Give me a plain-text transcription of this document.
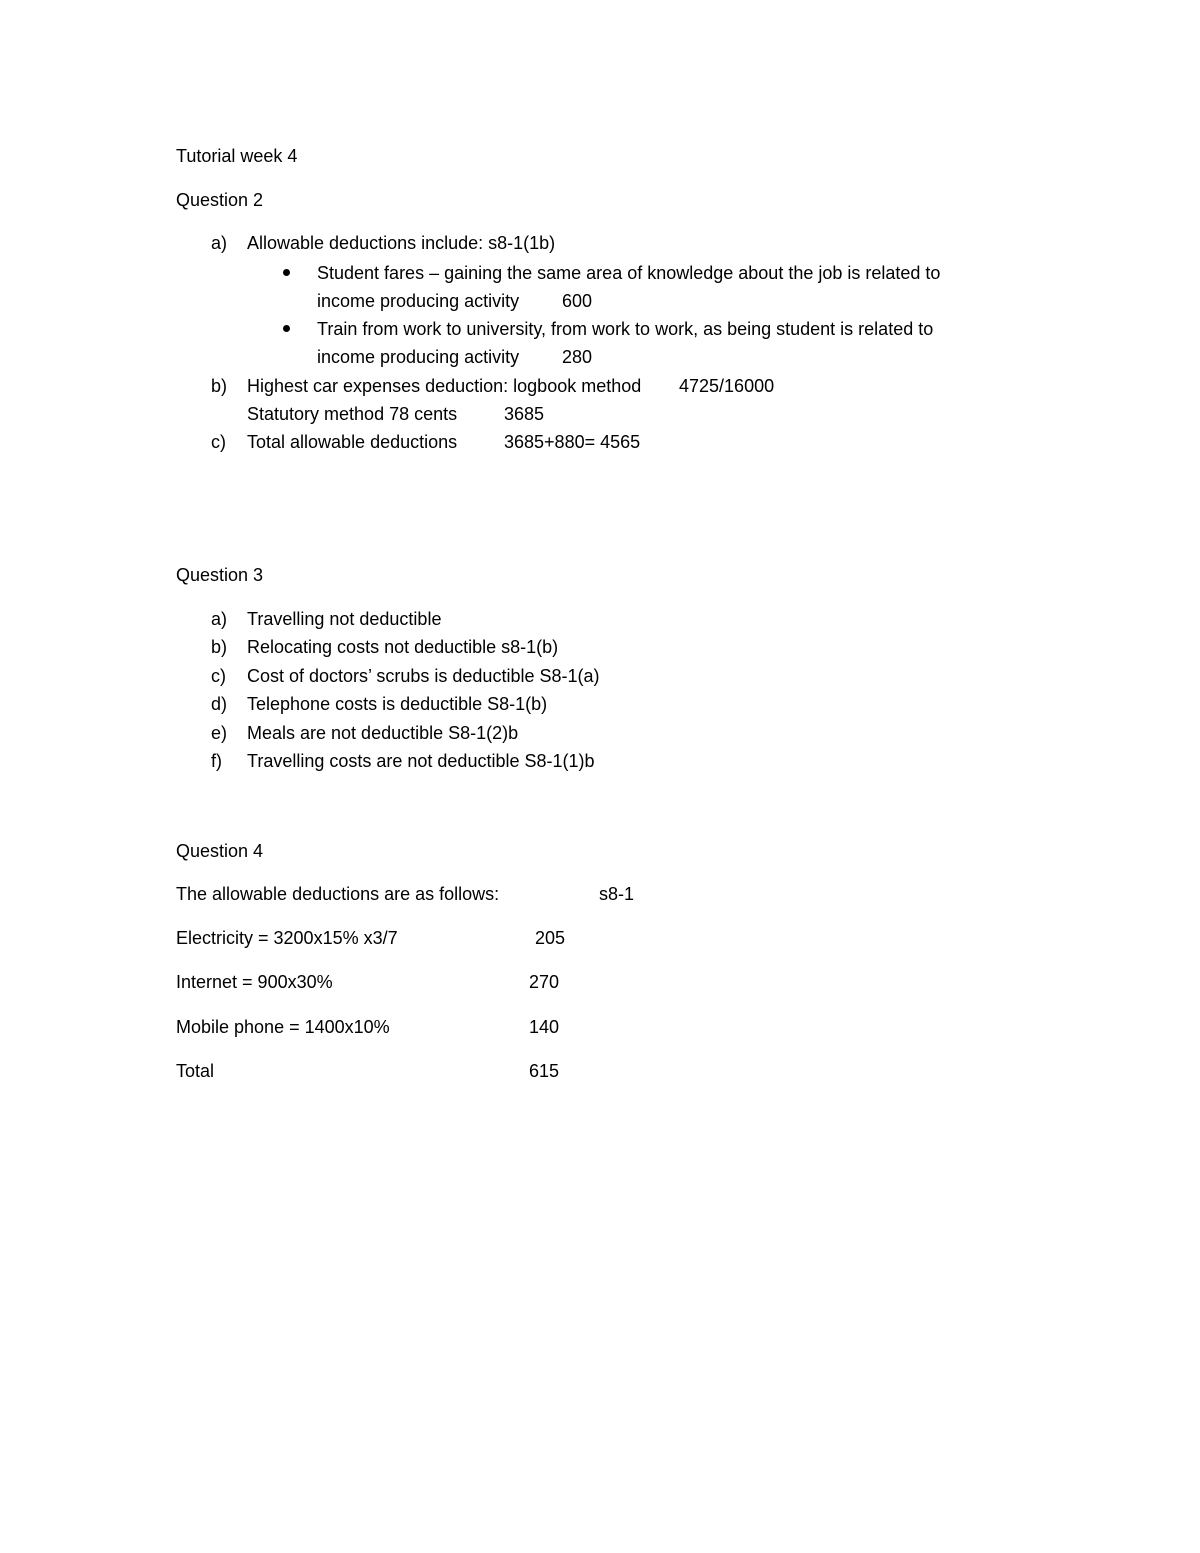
Tutorial week 4
Question 2
a) Allowable deductions include: s8-1(1b)
Student fares – gaining the same area of knowledge about the job is related to
income producing activity 600
Train from work to university, from work to work, as being student is related to
income producing activity 280
b) Highest car expenses deduction: logbook method 4725/16000
Statutory method 78 cents	3685
c) Total allowable deductions	3685+880= 4565
Question 3
a) Travelling not deductible
b) Relocating costs not deductible s8-1(b)
c) Cost of doctors’ scrubs is deductible S8-1(a)
d) Telephone costs is deductible S8-1(b)
e) Meals are not deductible S8-1(2)b
f) Travelling costs are not deductible S8-1(1)b
Question 4
The allowable deductions are as follows:	s8-1
Electricity = 3200x15% x3/7	205
Internet = 900x30%	270
Mobile phone = 1400x10%	140
Total	615
